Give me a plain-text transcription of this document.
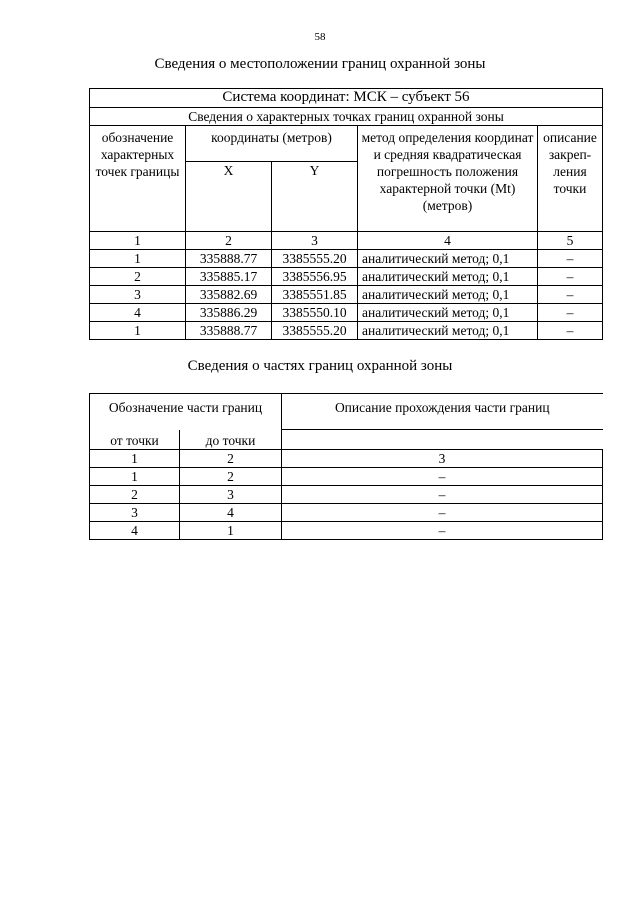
58
Сведения о местоположении границ охранной зоны
Система координат: МСК – субъект 56				
Сведения о характерных точках границ охранной зоны				
обозначение характерных точек границы	координаты (метров)		метод определения координат и средняя квадратическая погрешность положения характерной точки (Mt) (метров)	описание закреп-ления точки
	X	Y		
1	2	3	4	5
1	335888.77	3385555.20	аналитический метод; 0,1	–
2	335885.17	3385556.95	аналитический метод; 0,1	–
3	335882.69	3385551.85	аналитический метод; 0,1	–
4	335886.29	3385550.10	аналитический метод; 0,1	–
1	335888.77	3385555.20	аналитический метод; 0,1	–
Сведения о частях границ охранной зоны
Обозначение части границ		Описание прохождения части границ
от точки	до точки	
1	2	3
1	2	–
2	3	–
3	4	–
4	1	–
